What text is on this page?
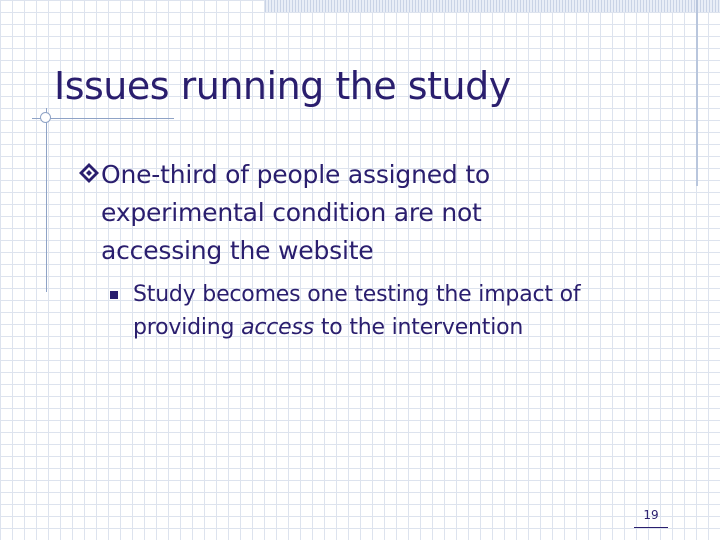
Issues running the study

One-third of people assigned to experimental condition are not accessing the website

Study becomes one testing the impact of providing access to the intervention

19
